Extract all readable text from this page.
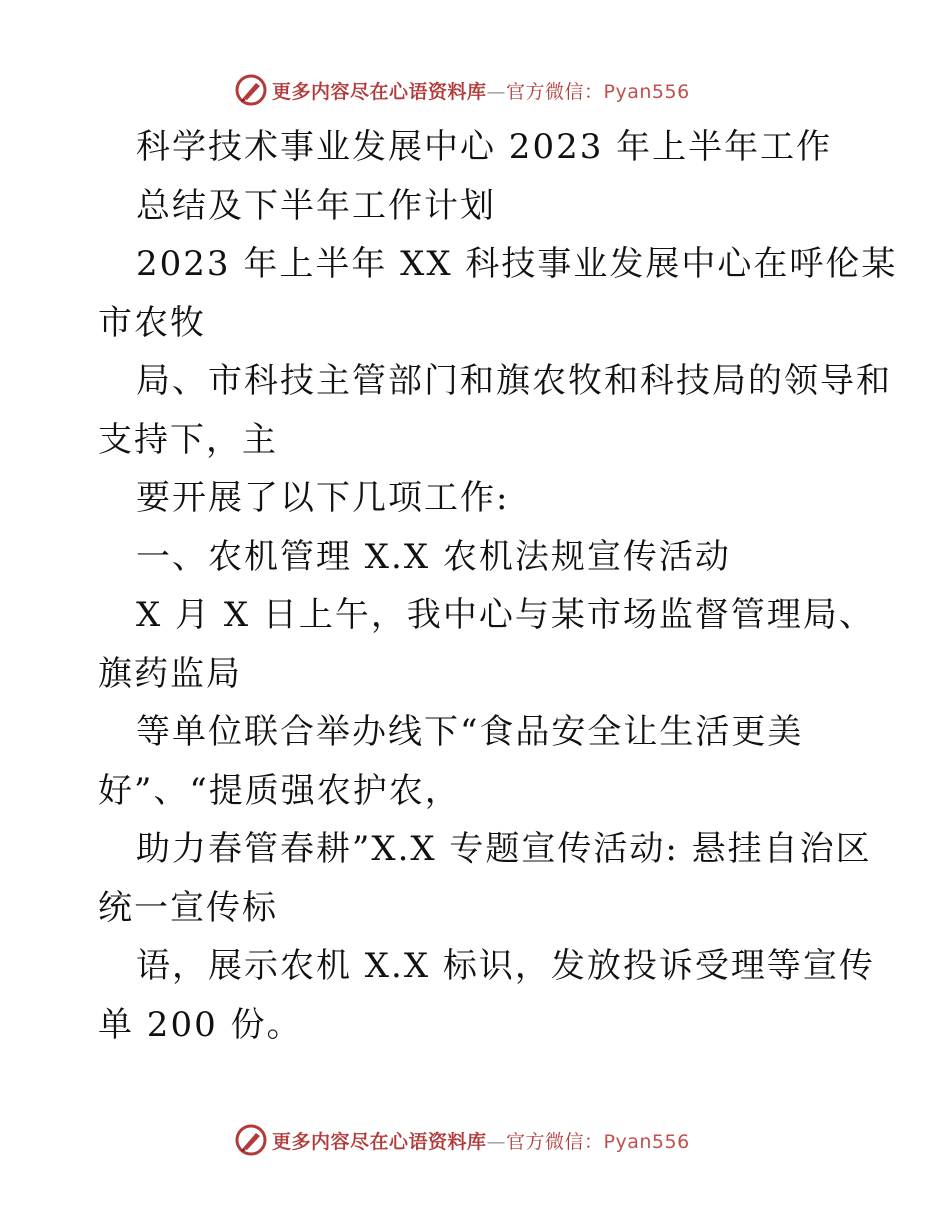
更多内容尽在心语资料库—官方微信：Pyan556
科学技术事业发展中心 2023 年上半年工作
总结及下半年工作计划
2023 年上半年 XX 科技事业发展中心在呼伦某
市农牧
局、市科技主管部门和旗农牧和科技局的领导和
支持下，主
要开展了以下几项工作:
一、农机管理 X.X 农机法规宣传活动
X 月 X 日上午，我中心与某市场监督管理局、
旗药监局
等单位联合举办线下“食品安全让生活更美
好”、“提质强农护农，
助力春管春耕”X.X 专题宣传活动: 悬挂自治区
统一宣传标
语，展示农机 X.X 标识，发放投诉受理等宣传
单 200 份。
更多内容尽在心语资料库—官方微信：Pyan556
